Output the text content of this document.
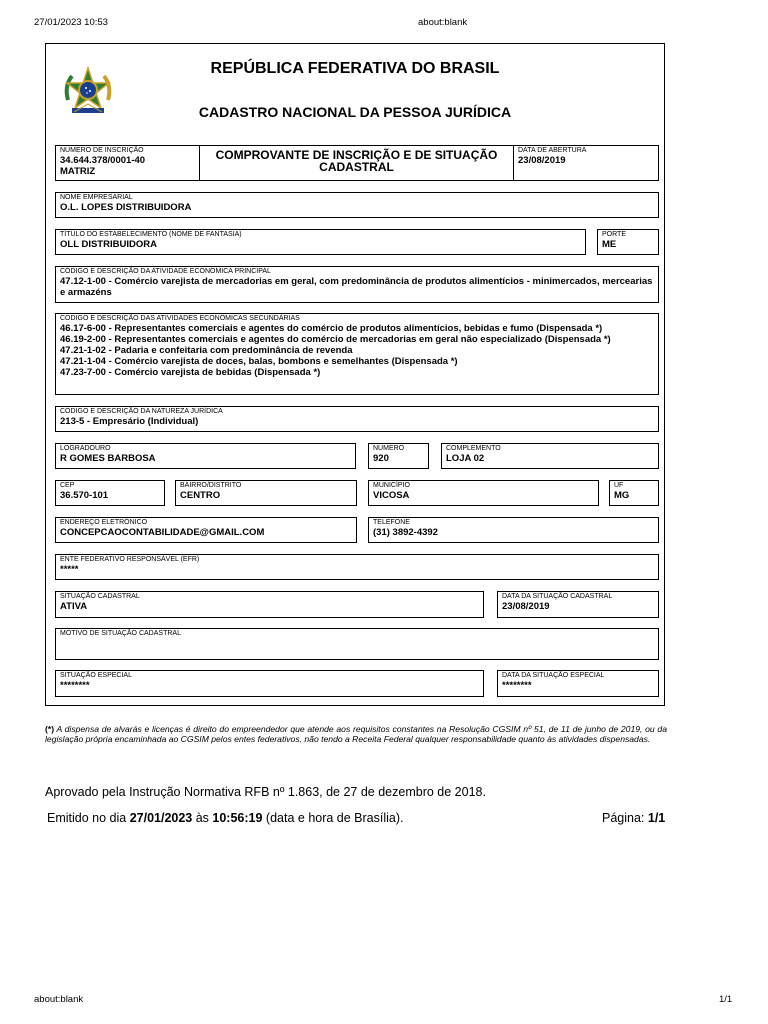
27/01/2023 10:53	about:blank
about:blank	1/1
REPÚBLICA FEDERATIVA DO BRASIL
CADASTRO NACIONAL DA PESSOA JURÍDICA
NÚMERO DE INSCRIÇÃO
34.644.378/0001-40
MATRIZ
COMPROVANTE DE INSCRIÇÃO E DE SITUAÇÃO
CADASTRAL
DATA DE ABERTURA
23/08/2019
NOME EMPRESARIAL
O.L. LOPES DISTRIBUIDORA
TÍTULO DO ESTABELECIMENTO (NOME DE FANTASIA)
OLL DISTRIBUIDORA
PORTE
ME
CÓDIGO E DESCRIÇÃO DA ATIVIDADE ECONÔMICA PRINCIPAL
47.12-1-00 - Comércio varejista de mercadorias em geral, com predominância de produtos alimentícios - minimercados, mercearias e armazéns
CÓDIGO E DESCRIÇÃO DAS ATIVIDADES ECONÔMICAS SECUNDÁRIAS
46.17-6-00 - Representantes comerciais e agentes do comércio de produtos alimentícios, bebidas e fumo (Dispensada *)
46.19-2-00 - Representantes comerciais e agentes do comércio de mercadorias em geral não especializado (Dispensada *)
47.21-1-02 - Padaria e confeitaria com predominância de revenda
47.21-1-04 - Comércio varejista de doces, balas, bombons e semelhantes (Dispensada *)
47.23-7-00 - Comércio varejista de bebidas (Dispensada *)
CÓDIGO E DESCRIÇÃO DA NATUREZA JURÍDICA
213-5 - Empresário (Individual)
LOGRADOURO
R GOMES BARBOSA
NÚMERO
920
COMPLEMENTO
LOJA 02
CEP
36.570-101
BAIRRO/DISTRITO
CENTRO
MUNICÍPIO
VICOSA
UF
MG
ENDEREÇO ELETRÔNICO
CONCEPCAOCONTABILIDADE@GMAIL.COM
TELEFONE
(31) 3892-4392
ENTE FEDERATIVO RESPONSÁVEL (EFR)
*****
SITUAÇÃO CADASTRAL
ATIVA
DATA DA SITUAÇÃO CADASTRAL
23/08/2019
MOTIVO DE SITUAÇÃO CADASTRAL
SITUAÇÃO ESPECIAL
********
DATA DA SITUAÇÃO ESPECIAL
********
(*) A dispensa de alvarás e licenças é direito do empreendedor que atende aos requisitos constantes na Resolução CGSIM nº 51, de 11 de junho de 2019, ou da legislação própria encaminhada ao CGSIM pelos entes federativos, não tendo a Receita Federal qualquer responsabilidade quanto às atividades dispensadas.
Aprovado pela Instrução Normativa RFB nº 1.863, de 27 de dezembro de 2018.
Emitido no dia 27/01/2023 às 10:56:19 (data e hora de Brasília).	Página: 1/1
